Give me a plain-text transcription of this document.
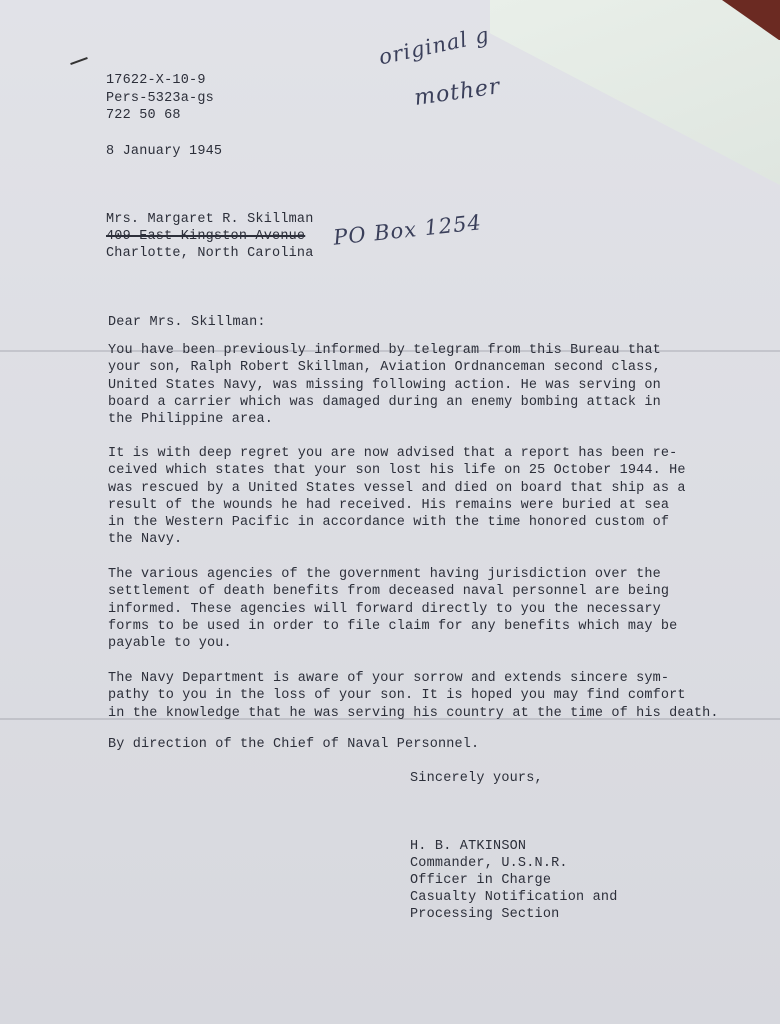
original g
mother
PO Box 1254
17622-X-10-9
Pers-5323a-gs
722 50 68
8 January 1945
Mrs. Margaret R. Skillman
409 East Kingston Avenue
Charlotte, North Carolina
Dear Mrs. Skillman:
You have been previously informed by telegram from this Bureau that
your son, Ralph Robert Skillman, Aviation Ordnanceman second class,
United States Navy, was missing following action. He was serving on
board a carrier which was damaged during an enemy bombing attack in
the Philippine area.
It is with deep regret you are now advised that a report has been re-
ceived which states that your son lost his life on 25 October 1944. He
was rescued by a United States vessel and died on board that ship as a
result of the wounds he had received. His remains were buried at sea
in the Western Pacific in accordance with the time honored custom of
the Navy.
The various agencies of the government having jurisdiction over the
settlement of death benefits from deceased naval personnel are being
informed. These agencies will forward directly to you the necessary
forms to be used in order to file claim for any benefits which may be
payable to you.
The Navy Department is aware of your sorrow and extends sincere sym-
pathy to you in the loss of your son. It is hoped you may find comfort
in the knowledge that he was serving his country at the time of his death.
By direction of the Chief of Naval Personnel.
Sincerely yours,
H. B. ATKINSON
Commander, U.S.N.R.
Officer in Charge
Casualty Notification and
Processing Section
